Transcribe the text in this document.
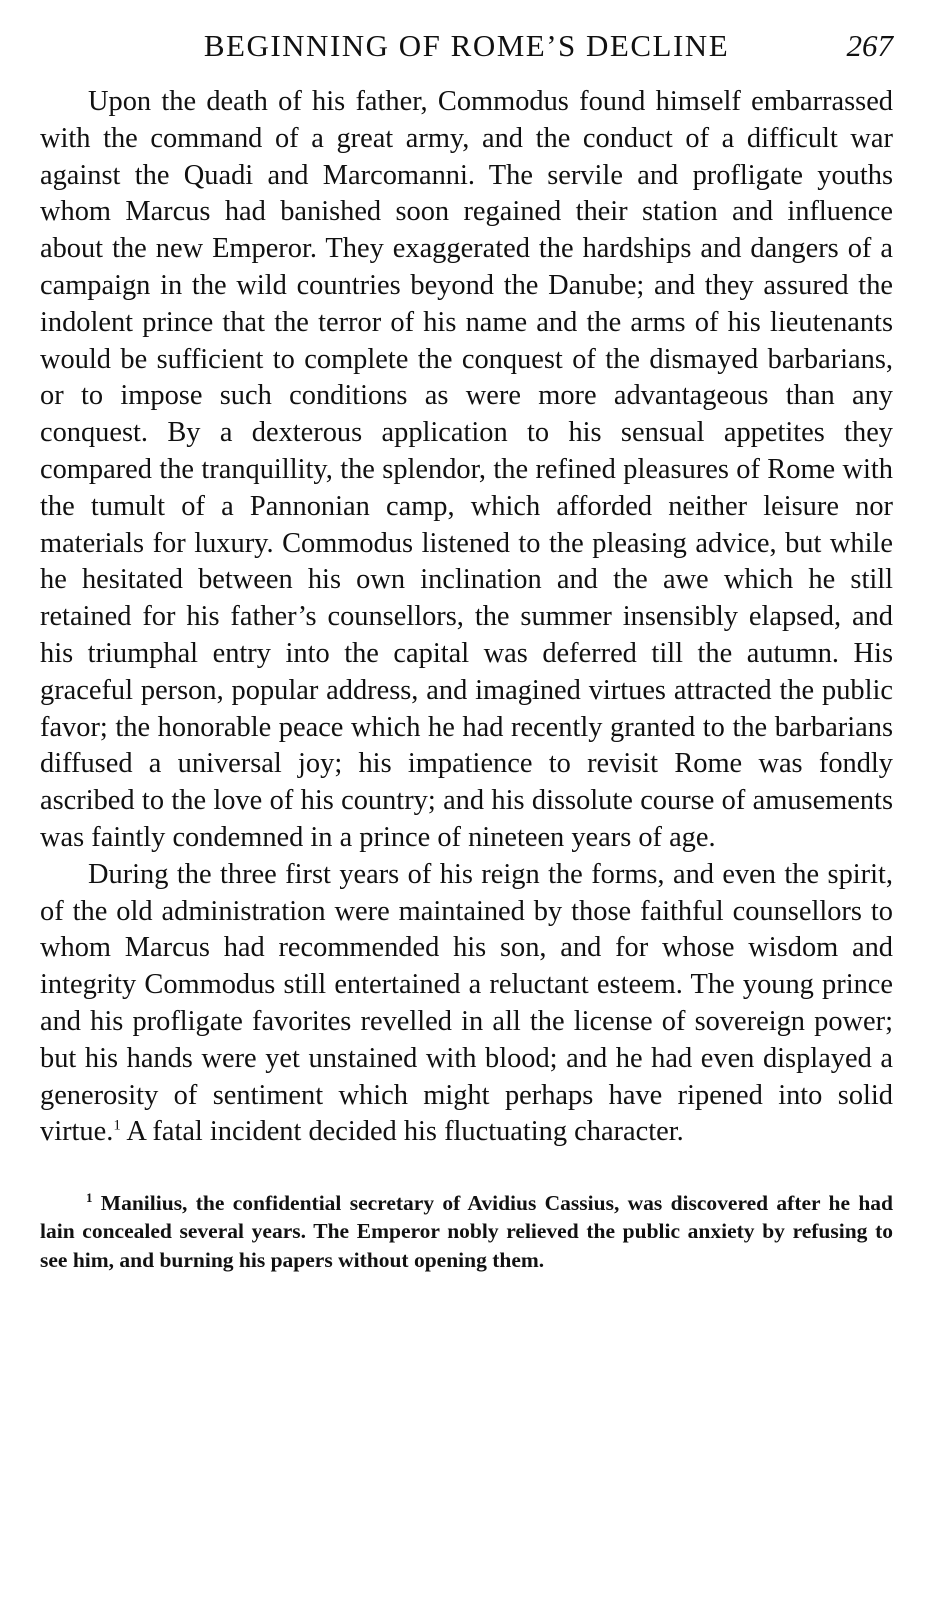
BEGINNING OF ROME’S DECLINE	267

Upon the death of his father, Commodus found himself embarrassed with the command of a great army, and the conduct of a difficult war against the Quadi and Marcomanni. The servile and profligate youths whom Marcus had banished soon regained their station and influence about the new Emperor. They exaggerated the hardships and dangers of a campaign in the wild countries beyond the Danube; and they assured the indolent prince that the terror of his name and the arms of his lieutenants would be sufficient to complete the conquest of the dismayed barbarians, or to impose such conditions as were more advantageous than any conquest. By a dexterous application to his sensual appetites they compared the tranquillity, the splendor, the refined pleasures of Rome with the tumult of a Pannonian camp, which afforded neither leisure nor materials for luxury. Commodus listened to the pleasing advice, but while he hesitated between his own inclination and the awe which he still retained for his father’s counsellors, the summer insensibly elapsed, and his triumphal entry into the capital was deferred till the autumn. His graceful person, popular address, and imagined virtues attracted the public favor; the honorable peace which he had recently granted to the barbarians diffused a universal joy; his impatience to revisit Rome was fondly ascribed to the love of his country; and his dissolute course of amusements was faintly condemned in a prince of nineteen years of age.

During the three first years of his reign the forms, and even the spirit, of the old administration were maintained by those faithful counsellors to whom Marcus had recommended his son, and for whose wisdom and integrity Commodus still entertained a reluctant esteem. The young prince and his profligate favorites revelled in all the license of sovereign power; but his hands were yet unstained with blood; and he had even displayed a generosity of sentiment which might perhaps have ripened into solid virtue.$^1$ A fatal incident decided his fluctuating character.

$^1$ Manilius, the confidential secretary of Avidius Cassius, was discovered after he had lain concealed several years. The Emperor nobly relieved the public anxiety by refusing to see him, and burning his papers without opening them.
